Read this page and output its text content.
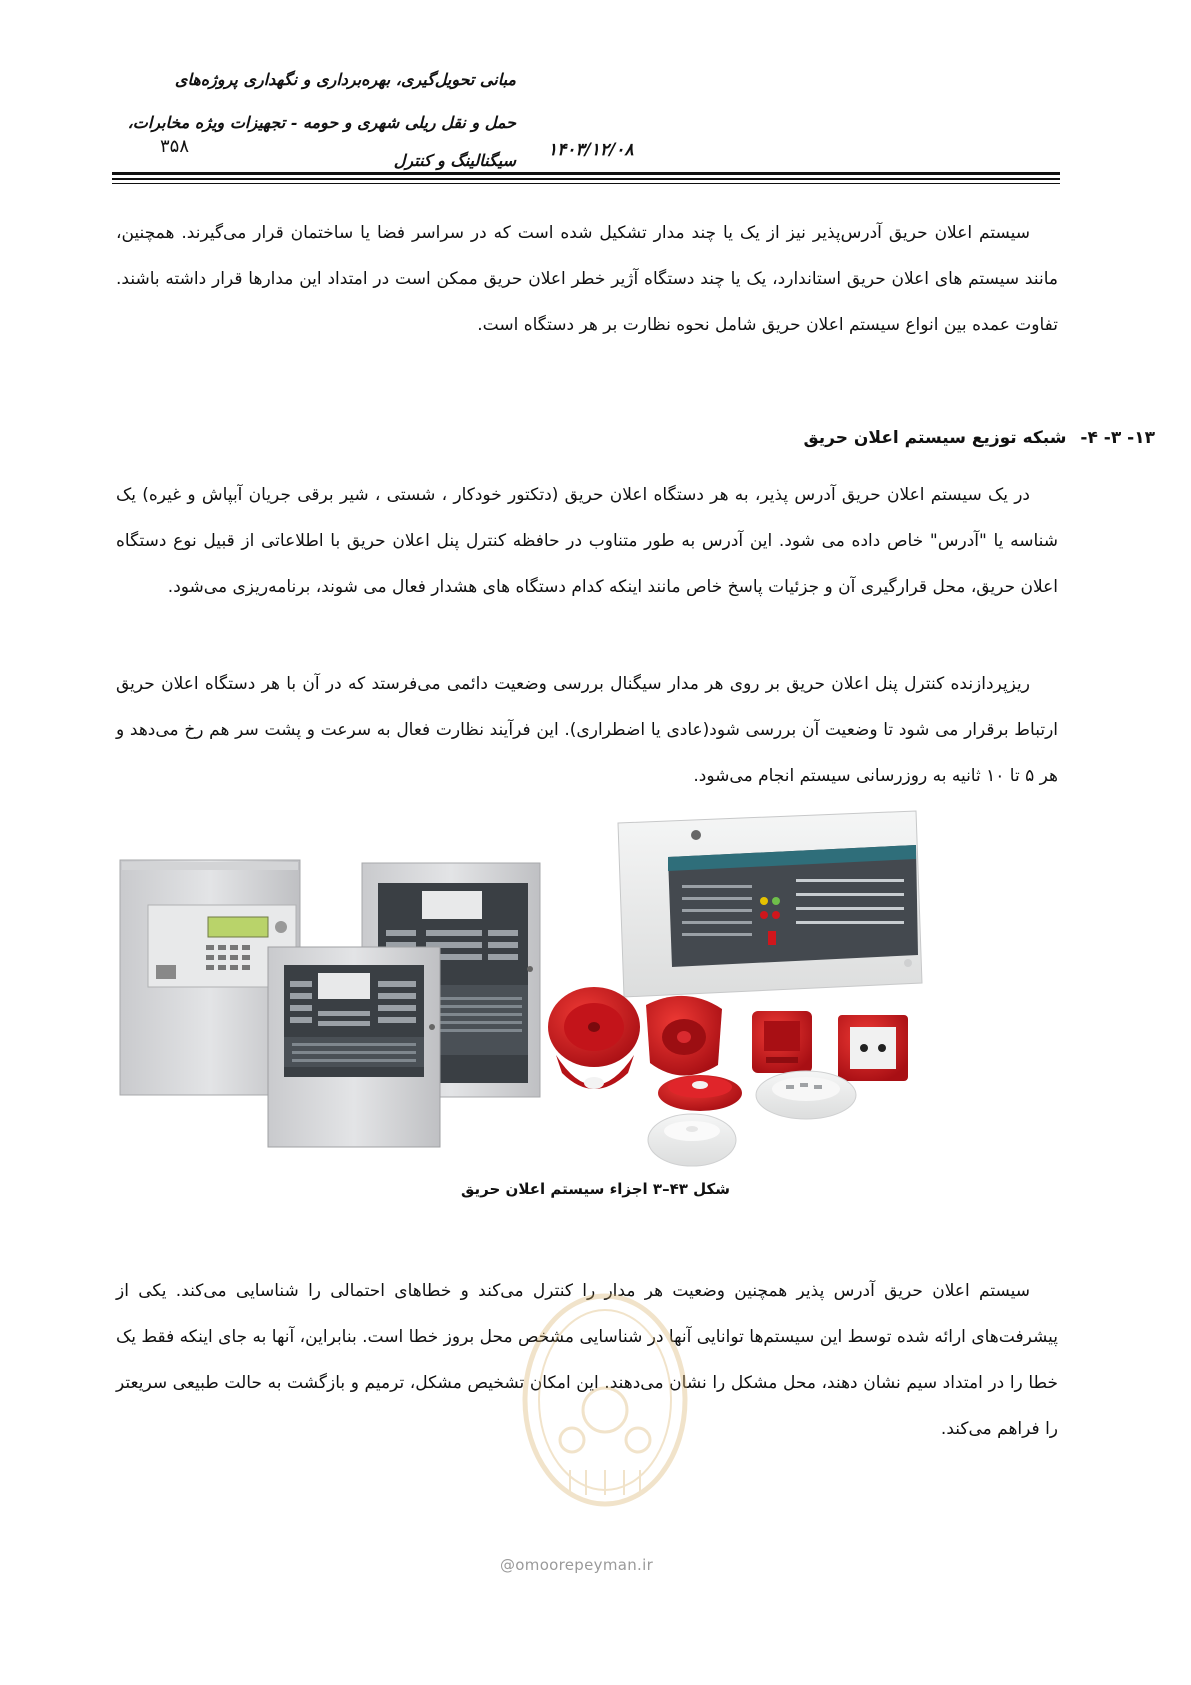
مبانی تحویل‌گیری، بهره‌برداری و نگهداری پروژه‌های
حمل و نقل ریلی شهری و حومه - تجهیزات ویژه مخابرات،
سیگنالینگ و کنترل
۱۴۰۳/۱۲/۰۸
۳۵۸
سیستم اعلان حریق آدرس‌پذیر نیز از یک یا چند مدار تشکیل شده است که در سراسر فضا یا ساختمان قرار می‌گیرند. همچنین، مانند سیستم های اعلان حریق استاندارد، یک یا چند دستگاه آژیر خطر اعلان حریق ممکن است در امتداد این مدارها قرار داشته باشند. تفاوت عمده بین انواع سیستم اعلان حریق شامل نحوه نظارت بر هر دستگاه است.
۱۳- ۳- ۴-شبکه توزیع سیستم اعلان حریق
در یک سیستم اعلان حریق آدرس پذیر، به هر دستگاه اعلان حریق (دتکتور خودکار ، شستی ، شیر برقی جریان آبپاش و غیره) یک شناسه یا "آدرس" خاص داده می شود. این آدرس به طور متناوب در حافظه کنترل پنل اعلان حریق با اطلاعاتی از قبیل نوع دستگاه اعلان حریق، محل قرارگیری آن و جزئیات پاسخ خاص مانند اینکه کدام دستگاه های هشدار فعال می شوند، برنامه‌ریزی می‌شود.
ریزپردازنده کنترل پنل اعلان حریق بر روی هر مدار سیگنال بررسی وضعیت دائمی می‌فرستد که در آن با هر دستگاه اعلان حریق ارتباط برقرار می شود تا وضعیت آن بررسی شود(عادی یا اضطراری). این فرآیند نظارت فعال به سرعت و پشت سر هم رخ می‌دهد و هر ۵ تا ۱۰ ثانیه به روزرسانی سیستم انجام می‌شود.
شکل ۴۳–۳ اجزاء سیستم اعلان حریق
سیستم اعلان حریق آدرس پذیر همچنین وضعیت هر مدار را کنترل می‌کند و خطاهای احتمالی را شناسایی می‌کند. یکی از پیشرفت‌های ارائه شده توسط این سیستم‌ها توانایی آنها در شناسایی مشخص محل بروز خطا است. بنابراین، آنها به جای اینکه فقط یک خطا را در امتداد سیم نشان دهند، محل مشکل را نشان می‌دهند. این امکان تشخیص مشکل، ترمیم و بازگشت به حالت طبیعی سریعتر را فراهم می‌کند.
@omoorepeyman.ir
